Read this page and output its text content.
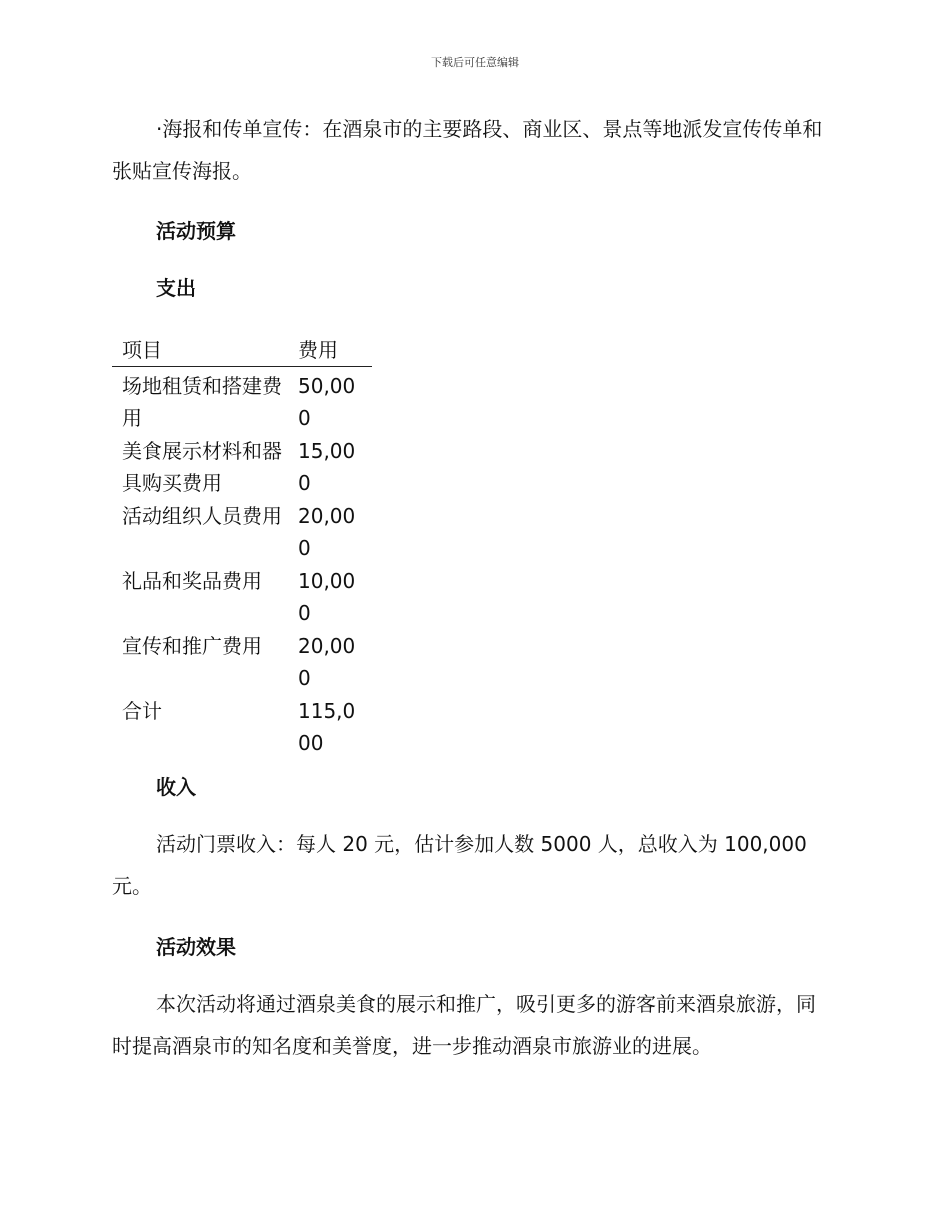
下载后可任意编辑

·海报和传单宣传：在酒泉市的主要路段、商业区、景点等地派发宣传传单和张贴宣传海报。

活动预算
支出
项目	费用
场地租赁和搭建费用	50,000
美食展示材料和器具购买费用	15,000
活动组织人员费用	20,000
礼品和奖品费用	10,000
宣传和推广费用	20,000
合计	115,000
收入

活动门票收入：每人 20 元，估计参加人数 5000 人，总收入为 100,000 元。

活动效果

本次活动将通过酒泉美食的展示和推广，吸引更多的游客前来酒泉旅游，同时提高酒泉市的知名度和美誉度，进一步推动酒泉市旅游业的进展。
